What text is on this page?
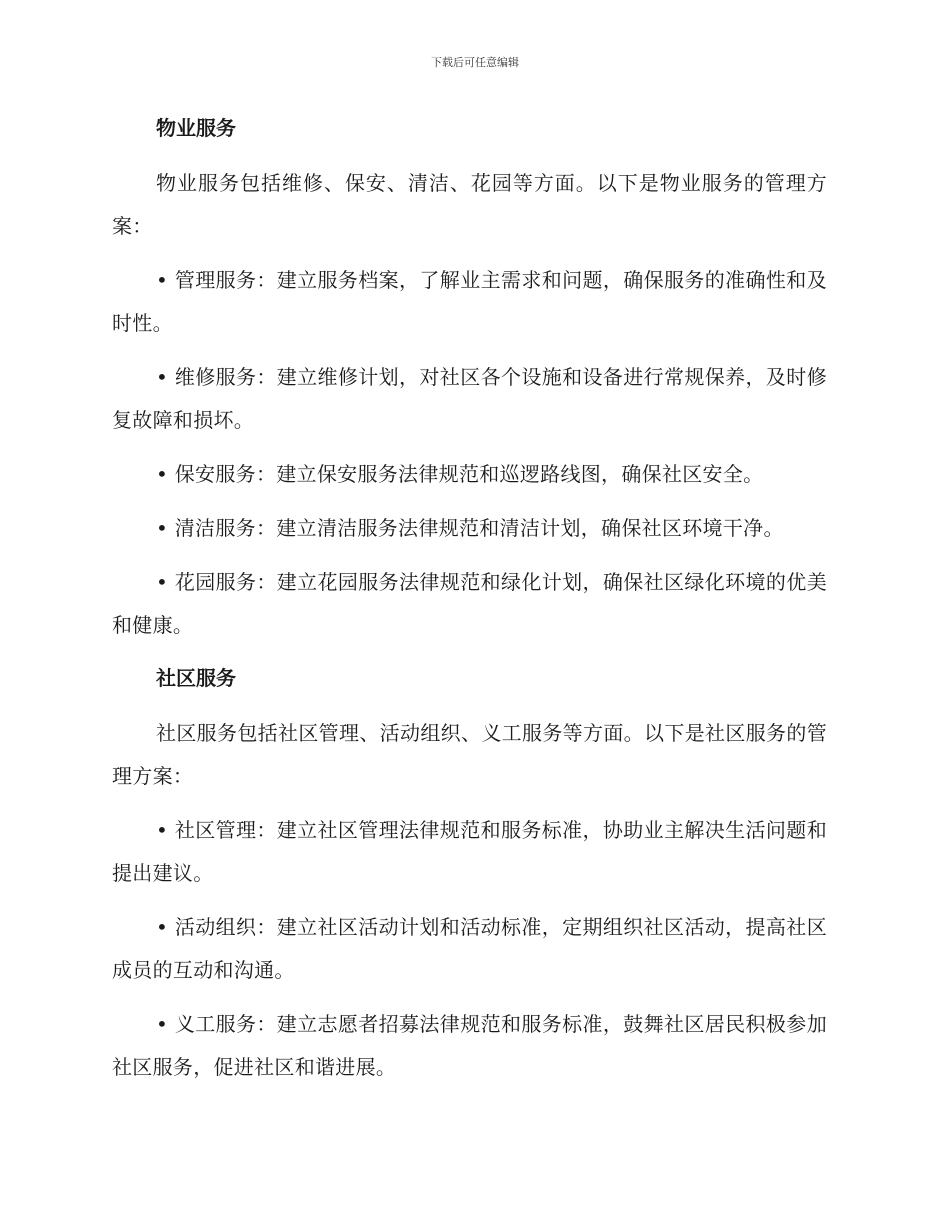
下载后可任意编辑
物业服务

物业服务包括维修、保安、清洁、花园等方面。以下是物业服务的管理方案：

• 管理服务：建立服务档案，了解业主需求和问题，确保服务的准确性和及时性。

• 维修服务：建立维修计划，对社区各个设施和设备进行常规保养，及时修复故障和损坏。

• 保安服务：建立保安服务法律规范和巡逻路线图，确保社区安全。

• 清洁服务：建立清洁服务法律规范和清洁计划，确保社区环境干净。

• 花园服务：建立花园服务法律规范和绿化计划，确保社区绿化环境的优美和健康。

社区服务

社区服务包括社区管理、活动组织、义工服务等方面。以下是社区服务的管理方案：

• 社区管理：建立社区管理法律规范和服务标准，协助业主解决生活问题和提出建议。

• 活动组织：建立社区活动计划和活动标准，定期组织社区活动，提高社区成员的互动和沟通。

• 义工服务：建立志愿者招募法律规范和服务标准，鼓舞社区居民积极参加社区服务，促进社区和谐进展。
